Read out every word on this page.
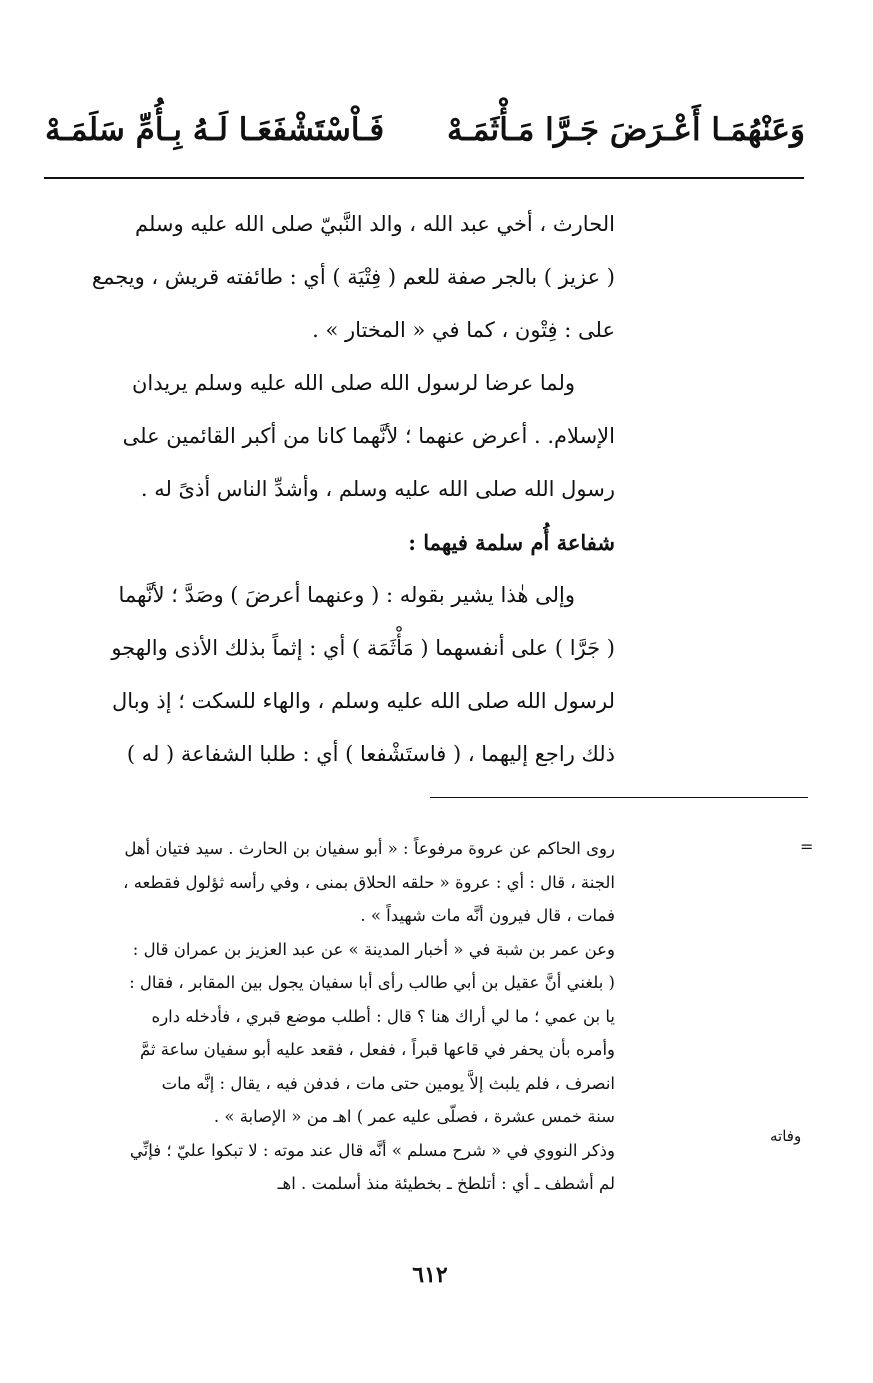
وَعَنْهُمَـا أَعْـرَضَ جَـرَّا مَـأْثَمَـهْ
فَـاْسْتَشْفَعَـا لَـهُ بِـأُمِّ سَلَمَـهْ

الحارث ، أخي عبد الله ، والد النَّبيّ صلى الله عليه وسلم

( عزيز ) بالجر صفة للعم ( فِتْيَة ) أي : طائفته قريش ، ويجمع

على : فِتْون ، كما في « المختار » .

ولما عرضا لرسول الله صلى الله عليه وسلم يريدان

الإسلام. . أعرض عنهما ؛ لأنَّهما كانا من أكبر القائمين على

رسول الله صلى الله عليه وسلم ، وأشدِّ الناس أذىً له .

شفاعة أُم سلمة فيهما :

وإلى هٰذا يشير بقوله : ( وعنهما أعرضَ ) وصَدَّ ؛ لأنَّهما

( جَرَّا ) على أنفسهما ( مَأْثَمَة ) أي : إثماً بذلك الأذى والهجو

لرسول الله صلى الله عليه وسلم ، والهاء للسكت ؛ إذ وبال

ذلك راجع إليهما ، ( فاستَشْفعا ) أي : طلبا الشفاعة ( له )

=
وفاته

روى الحاكم عن عروة مرفوعاً : « أبو سفيان بن الحارث . سيد فتيان أهل

الجنة ، قال : أي : عروة « حلقه الحلاق بمنى ، وفي رأسه ثؤلول فقطعه ،

فمات ، قال فيرون أنَّه مات شهيداً » .

وعن عمر بن شبة في « أخبار المدينة » عن عبد العزيز بن عمران قال :

( بلغني أنَّ عقيل بن أبي طالب رأى أبا سفيان يجول بين المقابر ، فقال :

يا بن عمي ؛ ما لي أراك هنا ؟ قال : أطلب موضع قبري ، فأدخله داره

وأمره بأن يحفر في قاعها قبراً ، ففعل ، فقعد عليه أبو سفيان ساعة ثمَّ

انصرف ، فلم يلبث إلاَّ يومين حتى مات ، فدفن فيه ، يقال : إنَّه مات

سنة خمس عشرة ، فصلّى عليه عمر ) اهـ من « الإصابة » .

وذكر النووي في « شرح مسلم » أنَّه قال عند موته : لا تبكوا عليّ ؛ فإنِّي

لم أشطف ـ أي : أتلطخ ـ بخطيئة منذ أسلمت . اهـ

٦١٢
